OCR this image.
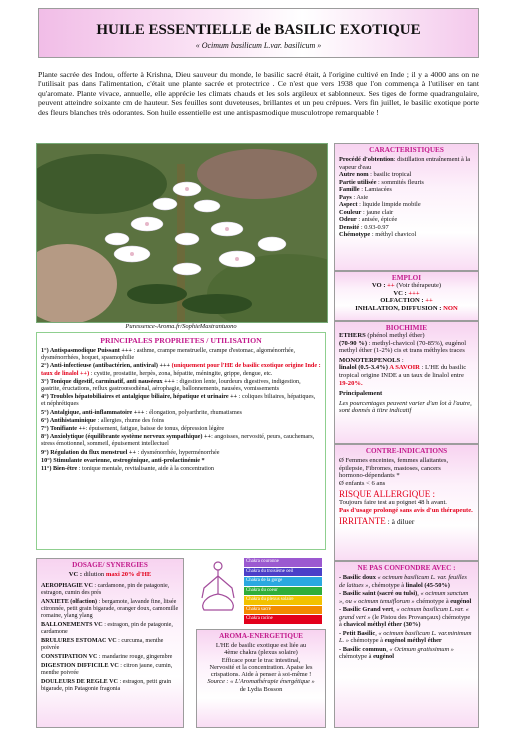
HUILE ESSENTIELLE de BASILIC EXOTIQUE
« Ocimum basilicum L.var. basilicum »
Plante sacrée des Indou, offerte à Krishna, Dieu sauveur du monde, le basilic sacré était, à l'origine cultivé en Inde ; il y a 4000 ans on ne l'utilisait pas dans l'alimentation, c'était une plante sacrée et protectrice . Ce n'est que vers 1938 que l'on commença à l'utiliser en tant qu'aromate. Plante vivace, annuelle, elle apprécie les climats chauds et les sols argileux et sablonneux. Ses tiges de forme quadrangulaire, peuvent atteindre soixante cm de hauteur. Ses feuilles sont duveteuses, brillantes et un peu crépues. Vers fin juillet, le basilic exotique porte des fleurs blanches très odorantes. Son huile essentielle est une antispasmodique musculotrope remarquable !
Puressence-Aroma.fr/SophieMastrantuono
PRINCIPALES PROPRIETES / UTILISATION

1°) Antispasmodique Puissant +++ : asthme, crampe menstruelle, crampe d'estomac, algoménorrhée, dysménorrhées, hoquet, spasmophilie

2°) Anti-infectieuse (antibactérien, antiviral) +++ (uniquement pour l'HE de basilic exotique origine Inde : taux de linalol ++) : cystite, prostatite, herpès, zona, hépatite, méningite, grippe, dengue, etc.

3°) Tonique digestif, carminatif, anti nauséeux +++ : digestion lente, lourdeurs digestives, indigestion, gastrite, éructations, reflux gastroœsodiènal, aérophagie, ballonnements, nausées, vomissements

4°) Troubles hépatobiliaires et antalgique biliaire, hépatique et urinaire ++ : coliques biliaires, hépatiques, et néphrétiques

5°) Antalgique, anti-inflammatoire +++ : élongation, polyarthrite, rhumatismes

6°) Antihistaminique : allergies, rhume des foins

7°) Tonifiante ++: épuisement, fatigue, baisse de tonus, dépression légère

8°) Anxiolytique (équilibrante système nerveux sympathique) ++: angoisses, nervosité, peurs, cauchemars, stress émotionnel, sommeil, épuisement intellectuel

9°) Régulation du flux menstruel ++ : dysménorrhée, hyperménorrhée

10°) Stimulante ovarienne, œstrogénique, anti-prolactinémie *

11°) Bien-être : tonique mentale, revitalisante, aide à la concentration

DOSAGE/ SYNERGIES
VC : dilution maxi 20% d'HE

AEROPHAGIE VC : cardamone, pin de patagonie, estragon, cumin des prés

ANXIETE (olfaction) : bergamote, lavande fine, litsée citronnée, petit grain bigarade, oranger doux, camomille romaine, ylang ylang

BALLONEMENTS VC : estragon, pin de patagonie, cardamone

BRULURES ESTOMAC VC : curcuma, menthe poivrée

CONSTIPATION VC : mandarine rouge, gingembre

DIGESTION DIFFICILE VC : citron jaune, cumin, menthe poivrée

DOULEURS DE REGLE VC : estragon, petit grain bigarade, pin Patagonie fragonia

Chakra couronne
Chakra du troisième oeil
Chakra de la gorge
Chakra du coeur
Chakra du plexus solaire
Chakra sacré
Chakra racine
AROMA-ENERGETIQUE
L'HE de basilic exotique est liée au
4ème chakra (plexus solaire)
Efficace pour le trac intestinal,
Nervosité et la concentration. Apaise les
crispations. Aide à penser à soi-même !
Source : « L'Aromathérapie énergétique »
de Lydia Bosson
CARACTERISTIQUES

Procédé d'obtention: distillation entraînement à la vapeur d'eau

Autre nom : basilic tropical

Partie utilisée : sommités fleuris

Famille : Lamiacées

Pays : Asie

Aspect : liquide limpide mobile

Couleur : jaune clair

Odeur : anisée, épicée

Densité : 0.93-0.97

Chémotype : méthyl chavicol

EMPLOI
VO : ++ (Voir thérapeute)
VC : +++
OLFACTION : ++
INHALATION, DIFFUSION : NON
BIOCHIMIE
ETHERS (phénol methyl éther)
(70-90 %) : methyl-chavicol (70-85%), eugénol methyl éther (1-2%) cis et trans méthyles traces
MONOTERPENOLS :
linalol (0.5-3.4%) A SAVOIR : L'HE du basilic tropical origine INDE a un taux de linalol entre 19-20%.
Principalement
Les pourcentages peuvent varier d'un lot à l'autre, sont donnés à titre indicatif
CONTRE-INDICATIONS
Ø Femmes enceintes, femmes allaitantes,
épilepsie, Fibromes, mastoses, cancers
hormono-dépendants *
Ø enfants < 6 ans
RISQUE ALLERGIQUE :
Toujours faire test au poignet 48 h avant.
Pas d'usage prolongé sans avis d'un thérapeute.
IRRITANTE : à diluer
NE PAS CONFONDRE AVEC :

- Basilic doux « ocimum basilicum L. var. feuilles de laitues », chémotype à linalol (45-50%)

- Basilic saint (sacré ou tulsi), « ocimum sanctum », ou « ocimum tenuiflorum » chémotype à eugénol

- Basilic Grand vert, « ocimum basilicum L.var. « grand vert » (le Pistou des Provançaux) chémotype à chavicol méthyl éther (30%)

- Petit Basilic, « ocimum basilicum L. var.minimum L. » chémotype à eugénol méthyl éther

- Basilic commun, « Ocimum gratissimum » chémotype à eugénol
